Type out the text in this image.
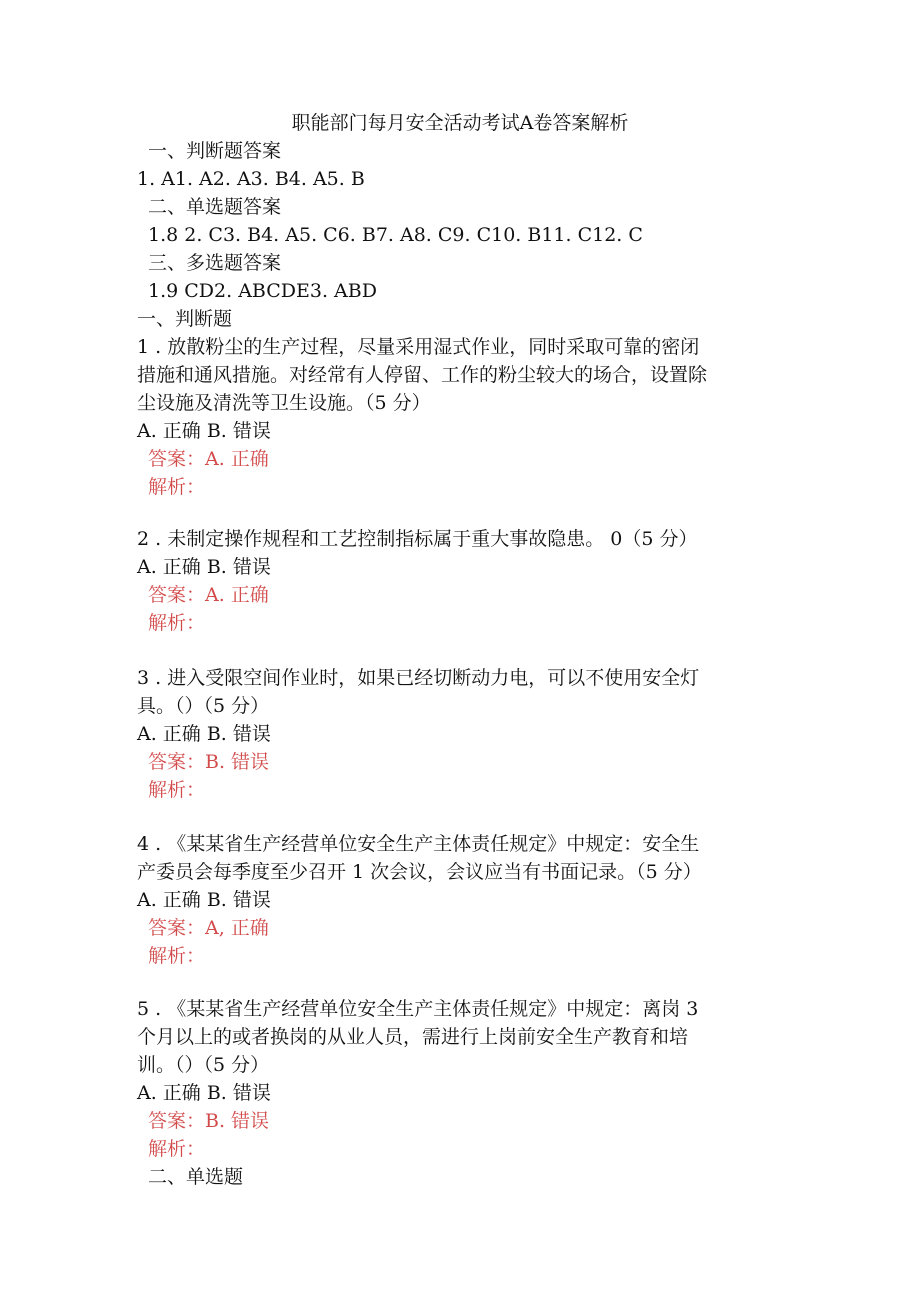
职能部门每月安全活动考试A卷答案解析
一、判断题答案
1. A1. A2. A3. B4. A5. B
二、单选题答案
1.8 2. C3. B4. A5. C6. B7. A8. C9. C10. B11. C12. C
三、多选题答案
1.9 CD2. ABCDE3. ABD
一、判断题
1 . 放散粉尘的生产过程，尽量采用湿式作业，同时采取可靠的密闭
措施和通风措施。对经常有人停留、工作的粉尘较大的场合，设置除
尘设施及清洗等卫生设施。（5 分）
A. 正确 B. 错误
答案：A. 正确
解析：
2 . 未制定操作规程和工艺控制指标属于重大事故隐患。 0（5 分）
A. 正确 B. 错误
答案：A. 正确
解析：
3 . 进入受限空间作业时，如果已经切断动力电，可以不使用安全灯
具。（）（5 分）
A. 正确 B. 错误
答案：B. 错误
解析：
4 . 《某某省生产经营单位安全生产主体责任规定》中规定：安全生
产委员会每季度至少召开 1 次会议，会议应当有书面记录。（5 分）
A. 正确 B. 错误
答案：A, 正确
解析：
5 . 《某某省生产经营单位安全生产主体责任规定》中规定：离岗 3
个月以上的或者换岗的从业人员，需进行上岗前安全生产教育和培
训。（）（5 分）
A. 正确 B. 错误
答案：B. 错误
解析：
二、单选题
